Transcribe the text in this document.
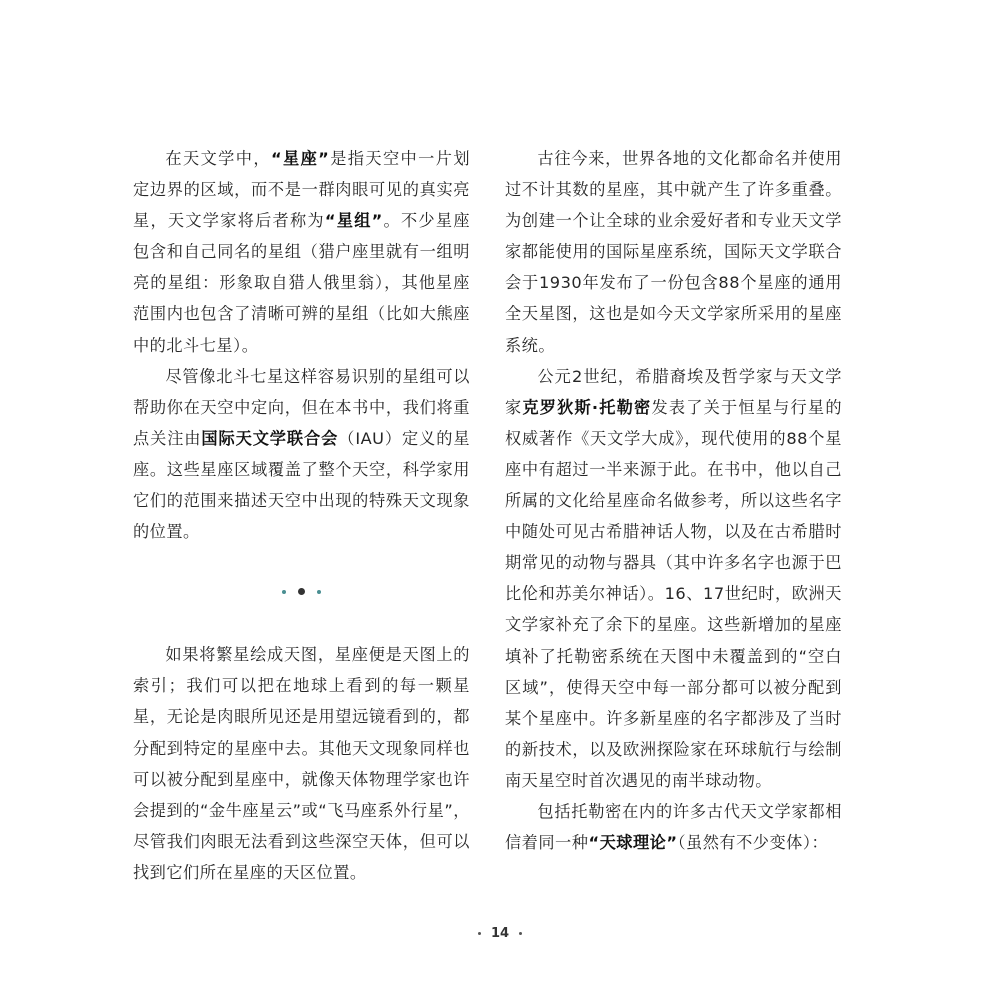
在天文学中，“星座”是指天空中一片划定边界的区域，而不是一群肉眼可见的真实亮星，天文学家将后者称为“星组”。不少星座包含和自己同名的星组（猎户座里就有一组明亮的星组：形象取自猎人俄里翁），其他星座范围内也包含了清晰可辨的星组（比如大熊座中的北斗七星）。

尽管像北斗七星这样容易识别的星组可以帮助你在天空中定向，但在本书中，我们将重点关注由国际天文学联合会（IAU）定义的星座。这些星座区域覆盖了整个天空，科学家用它们的范围来描述天空中出现的特殊天文现象的位置。

如果将繁星绘成天图，星座便是天图上的索引；我们可以把在地球上看到的每一颗星星，无论是肉眼所见还是用望远镜看到的，都分配到特定的星座中去。其他天文现象同样也可以被分配到星座中，就像天体物理学家也许会提到的“金牛座星云”或“飞马座系外行星”，尽管我们肉眼无法看到这些深空天体，但可以找到它们所在星座的天区位置。

古往今来，世界各地的文化都命名并使用过不计其数的星座，其中就产生了许多重叠。为创建一个让全球的业余爱好者和专业天文学家都能使用的国际星座系统，国际天文学联合会于1930年发布了一份包含88个星座的通用全天星图，这也是如今天文学家所采用的星座系统。

公元2世纪，希腊裔埃及哲学家与天文学家克罗狄斯·托勒密发表了关于恒星与行星的权威著作《天文学大成》，现代使用的88个星座中有超过一半来源于此。在书中，他以自己所属的文化给星座命名做参考，所以这些名字中随处可见古希腊神话人物，以及在古希腊时期常见的动物与器具（其中许多名字也源于巴比伦和苏美尔神话）。16、17世纪时，欧洲天文学家补充了余下的星座。这些新增加的星座填补了托勒密系统在天图中未覆盖到的“空白区域”，使得天空中每一部分都可以被分配到某个星座中。许多新星座的名字都涉及了当时的新技术，以及欧洲探险家在环球航行与绘制南天星空时首次遇见的南半球动物。

包括托勒密在内的许多古代天文学家都相信着同一种“天球理论”（虽然有不少变体）：

14
